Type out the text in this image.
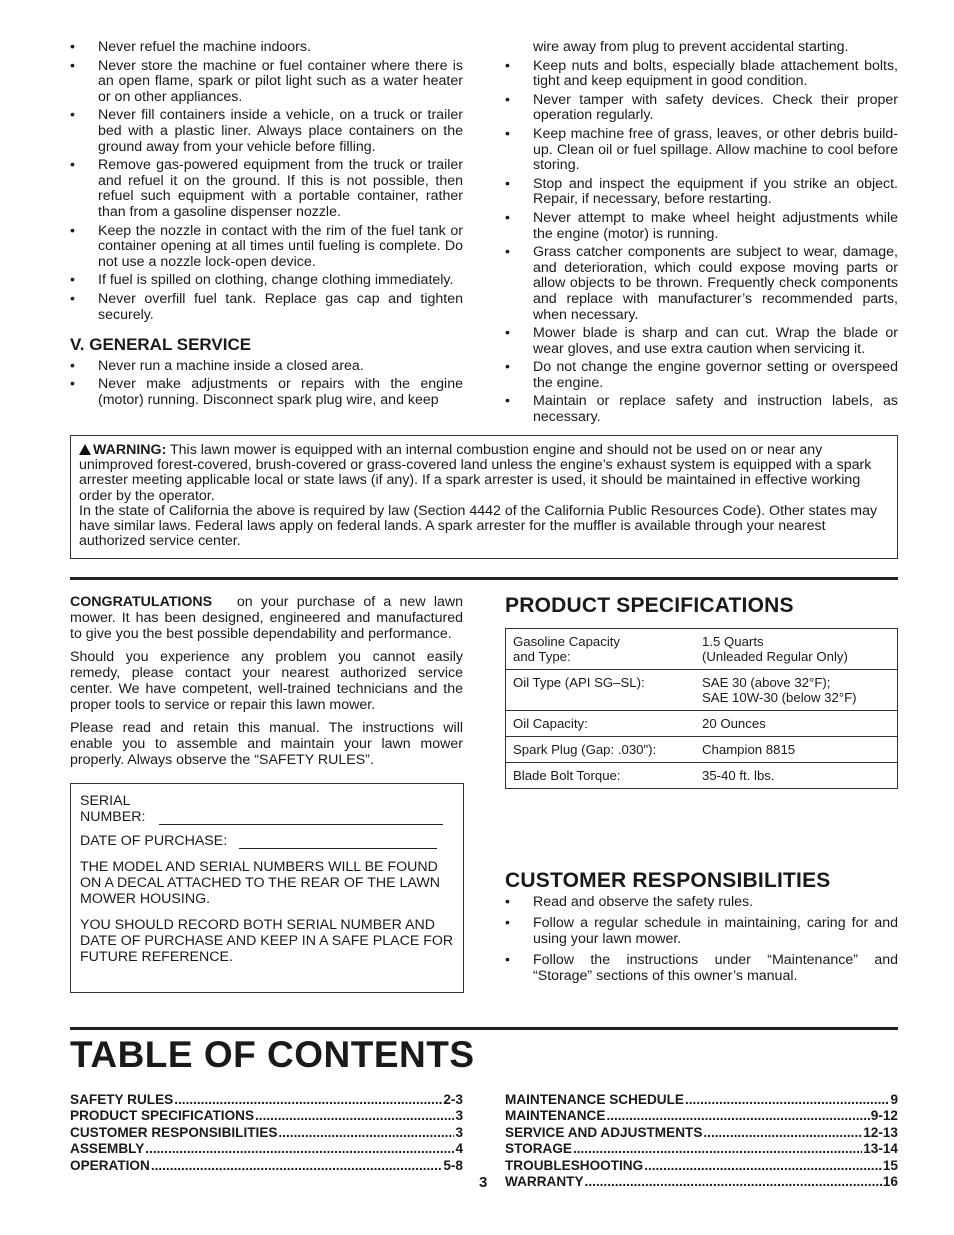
• Never refuel the machine indoors.
• Never store the machine or fuel container where there is an open flame, spark or pilot light such as a water heater or on other appliances.
• Never fill containers inside a vehicle, on a truck or trailer bed with a plastic liner. Always place containers on the ground away from your vehicle before filling.
• Remove gas-powered equipment from the truck or trailer and refuel it on the ground. If this is not possible, then refuel such equipment with a portable container, rather than from a gasoline dispenser nozzle.
• Keep the nozzle in contact with the rim of the fuel tank or container opening at all times until fueling is complete. Do not use a nozzle lock-open device.
• If fuel is spilled on clothing, change clothing immediately.
• Never overfill fuel tank. Replace gas cap and tighten securely.
V. GENERAL SERVICE
• Never run a machine inside a closed area.
• Never make adjustments or repairs with the engine (motor) running. Disconnect spark plug wire, and keep
wire away from plug to prevent accidental starting.
• Keep nuts and bolts, especially blade attachement bolts, tight and keep equipment in good condition.
• Never tamper with safety devices. Check their proper operation regularly.
• Keep machine free of grass, leaves, or other debris build-up. Clean oil or fuel spillage. Allow machine to cool before storing.
• Stop and inspect the equipment if you strike an object. Repair, if necessary, before restarting.
• Never attempt to make wheel height adjustments while the engine (motor) is running.
• Grass catcher components are subject to wear, damage, and deterioration, which could expose moving parts or allow objects to be thrown. Frequently check components and replace with manufacturer’s recommended parts, when necessary.
• Mower blade is sharp and can cut. Wrap the blade or wear gloves, and use extra caution when servicing it.
• Do not change the engine governor setting or overspeed the engine.
• Maintain or replace safety and instruction labels, as necessary.
WARNING: This lawn mower is equipped with an internal combustion engine and should not be used on or near any unimproved forest-covered, brush-covered or grass-covered land unless the engine’s exhaust system is equipped with a spark arrester meeting applicable local or state laws (if any). If a spark arrester is used, it should be maintained in effective working order by the operator.
In the state of California the above is required by law (Section 4442 of the California Public Resources Code). Other states may have similar laws. Federal laws apply on federal lands. A spark arrester for the muffler is available through your nearest authorized service center.

CONGRATULATIONS on your purchase of a new lawn mower. It has been designed, engineered and manufactured to give you the best possible dependability and performance.

Should you experience any problem you cannot easily remedy, please contact your nearest authorized service center. We have competent, well-trained technicians and the proper tools to service or repair this lawn mower.

Please read and retain this manual. The instructions will enable you to assemble and maintain your lawn mower properly. Always observe the “SAFETY RULES”.

SERIAL
NUMBER:

DATE OF PURCHASE:

THE MODEL AND SERIAL NUMBERS WILL BE FOUND ON A DECAL ATTACHED TO THE REAR OF THE LAWN MOWER HOUSING.

YOU SHOULD RECORD BOTH SERIAL NUMBER AND DATE OF PURCHASE AND KEEP IN A SAFE PLACE FOR FUTURE REFERENCE.

PRODUCT SPECIFICATIONS
Gasoline Capacity
and Type:	1.5 Quarts
(Unleaded Regular Only)
Oil Type (API SG–SL):	SAE 30 (above 32°F);
SAE 10W-30 (below 32°F)
Oil Capacity:	20 Ounces
Spark Plug (Gap: .030"):	Champion 8815
Blade Bolt Torque:	35-40 ft. lbs.
CUSTOMER RESPONSIBILITIES
• Read and observe the safety rules.
• Follow a regular schedule in maintaining, caring for and using your lawn mower.
• Follow the instructions under “Maintenance” and “Storage” sections of this owner’s manual.
TABLE OF CONTENTS
SAFETY RULES .....	2-3
PRODUCT SPECIFICATIONS .....	3
CUSTOMER RESPONSIBILITIES .....	3
ASSEMBLY .....	4
OPERATION .....	5-8
MAINTENANCE SCHEDULE .....	9
MAINTENANCE .....	9-12
SERVICE AND ADJUSTMENTS .....	12-13
STORAGE .....	13-14
TROUBLESHOOTING .....	15
WARRANTY .....	16
3
